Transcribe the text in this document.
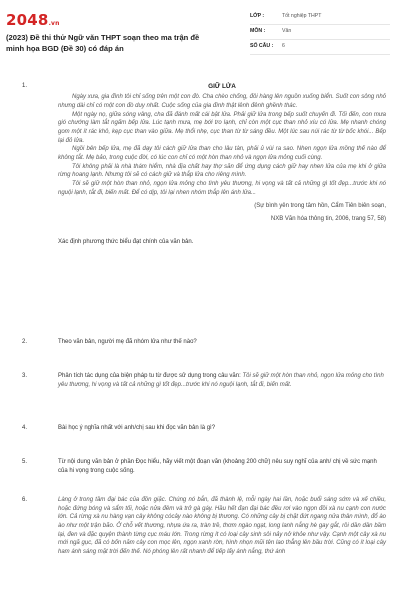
2048.vn
(2023) Đề thi thử Ngữ văn THPT soạn theo ma trận đề minh họa BGD (Đề 30) có đáp án
LỚP :	Tốt nghiệp THPT
MÔN :	Văn
SỐ CÂU :	6
1.	GIỮ LỬA

Ngày xưa, gia đình tôi chỉ sống trên một con đò. Cha chèo chống, đôi hàng lên nguồn xuống biển. Suốt con sông nhỏ nhưng dài chỉ có một con đò duy nhất. Cuộc sống của gia đình thật lênh đênh ghềnh thác.

Một ngày nọ, giữa sóng vâng, cha đã đánh mất cái bật lửa. Phải giữ lửa trong bếp suốt chuyến đi. Tối đến, con mưa gió chướng làm tắt ngấm bếp lửa. Lúc tạnh mưa, mẹ bới tro lạnh, chỉ còn một cục than nhỏ xíu có lửa. Mẹ nhanh chóng gom một ít rác khô, kẹp cục than vào giữa. Mẹ thổi nhẹ, cục than từ từ sáng đều. Một lúc sau núi rác từ từ bốc khói... Bếp lại đỏ lửa.

Ngồi bên bếp lửa, mẹ đã dạy tôi cách giữ lửa than cho lâu tàn, phải ủ vùi ra sao. Nhen ngọn lửa mồng thế nào để không tắt. Mẹ bảo, trong cuộc đời, có lúc con chỉ có một hòn than nhỏ và ngọn lửa mỏng cuối cùng.

Tôi không phải là nhà thám hiểm, nhà địa chất hay thợ săn để ứng dụng cách giữ hay nhen lửa của mẹ khi ở giữa rừng hoang lạnh. Nhưng tôi sẽ có cách giữ và thắp lửa cho riêng mình.

Tôi sẽ giữ một hòn than nhỏ, ngọn lửa mỏng cho tình yêu thương, hi vọng và tất cả những gì tốt đẹp...trước khi nó nguội lạnh, tắt đi, biến mất. Để có dịp, tôi lại nhen nhóm thắp lên ánh lửa...

(Sự bình yên trong tâm hồn, Cẩm Tiên biên soạn,

NXB Văn hóa thông tin, 2006, trang 57, 58)

Xác định phương thức biểu đạt chính của văn bản.

2.	Theo văn bản, người mẹ đã nhóm lửa như thế nào?
3.	Phân tích tác dụng của biện pháp tu từ được sử dụng trong câu văn: Tôi sẽ giữ một hòn than nhỏ, ngọn lửa mỏng cho tình yêu thương, hi vọng và tất cả những gì tốt đẹp...trước khi nó nguội lạnh, tắt đi, biến mất.
4.	Bài học ý nghĩa nhất với anh/chị sau khi đọc văn bản là gì?
5.	Từ nội dung văn bản ở phần Đọc hiểu, hãy viết một đoạn văn (khoảng 200 chữ) nêu suy nghĩ của anh/ chị về sức mạnh của hi vọng trong cuộc sống.
6.	Làng ở trong tầm đại bác của đồn giặc. Chúng nó bắn, đã thành lệ, mỗi ngày hai lần, hoặc buổi sáng sớm và xế chiều, hoặc đứng bóng và sẩm tối, hoặc nửa đêm và trở gà gáy. Hầu hết đạn đại bác đều rơi vào ngọn đồi xà nu cạnh con nước lớn. Cả rừng xà nu hàng vạn cây không cócây nào không bị thương. Có những cây bị chặt đứt ngang nửa thân mình, đổ ào ào như một trận bão. Ở chỗ vết thương, nhựa ứa ra, tràn trề, thơm ngào ngạt, long lanh nắng hè gay gắt, rồi dần dần bầm lại, đen và đặc quyện thành từng cục máu lớn. Trong rừng ít có loại cây sinh sôi nảy nở khỏe như vậy. Cạnh một cây xà nu mới ngã gục, đã có bốn năm cây con mọc lên, ngọn xanh rờn, hình nhọn mũi tên lao thẳng lên bầu trời. Cũng có ít loại cây ham ánh sáng mặt trời đến thế. Nó phóng lên rất nhanh để tiếp lấy ánh nắng, thứ ánh
